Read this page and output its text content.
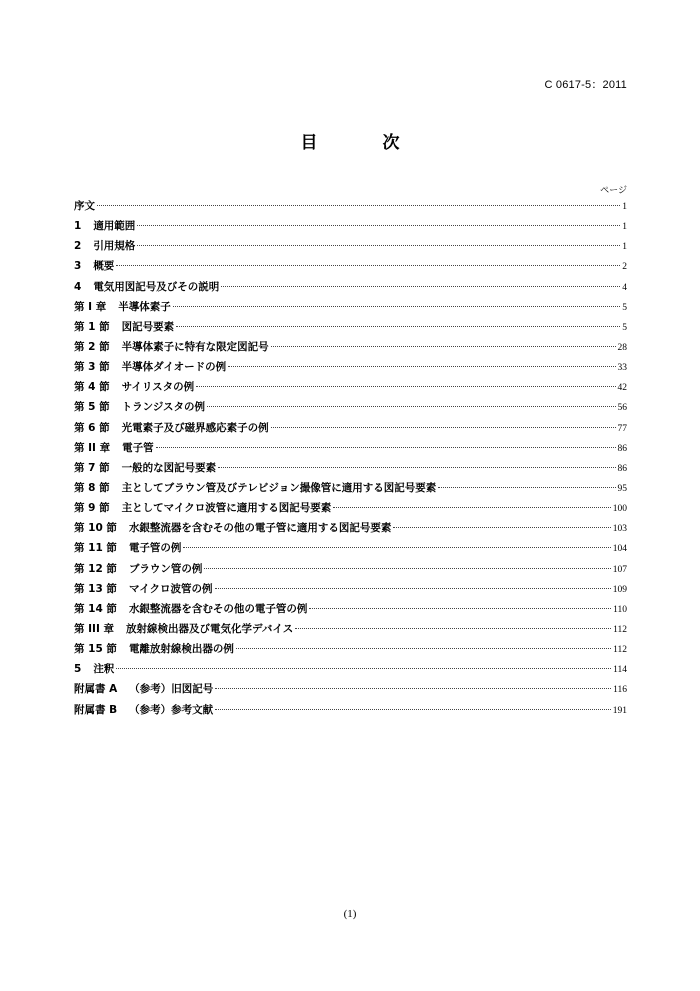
C 0617-5：2011
目　次
ページ
序文	1
1 適用範囲	1
2 引用規格	1
3 概要	2
4 電気用図記号及びその説明	4
第 I 章 半導体素子	5
第 1 節 図記号要素	5
第 2 節 半導体素子に特有な限定図記号	28
第 3 節 半導体ダイオードの例	33
第 4 節 サイリスタの例	42
第 5 節 トランジスタの例	56
第 6 節 光電素子及び磁界感応素子の例	77
第 II 章 電子管	86
第 7 節 一般的な図記号要素	86
第 8 節 主としてブラウン管及びテレビジョン撮像管に適用する図記号要素	95
第 9 節 主としてマイクロ波管に適用する図記号要素	100
第 10 節 水銀整流器を含むその他の電子管に適用する図記号要素	103
第 11 節 電子管の例	104
第 12 節 ブラウン管の例	107
第 13 節 マイクロ波管の例	109
第 14 節 水銀整流器を含むその他の電子管の例	110
第 III 章 放射線検出器及び電気化学デバイス	112
第 15 節 電離放射線検出器の例	112
5 注釈	114
附属書 A （参考）旧図記号	116
附属書 B （参考）参考文献	191
(1)
